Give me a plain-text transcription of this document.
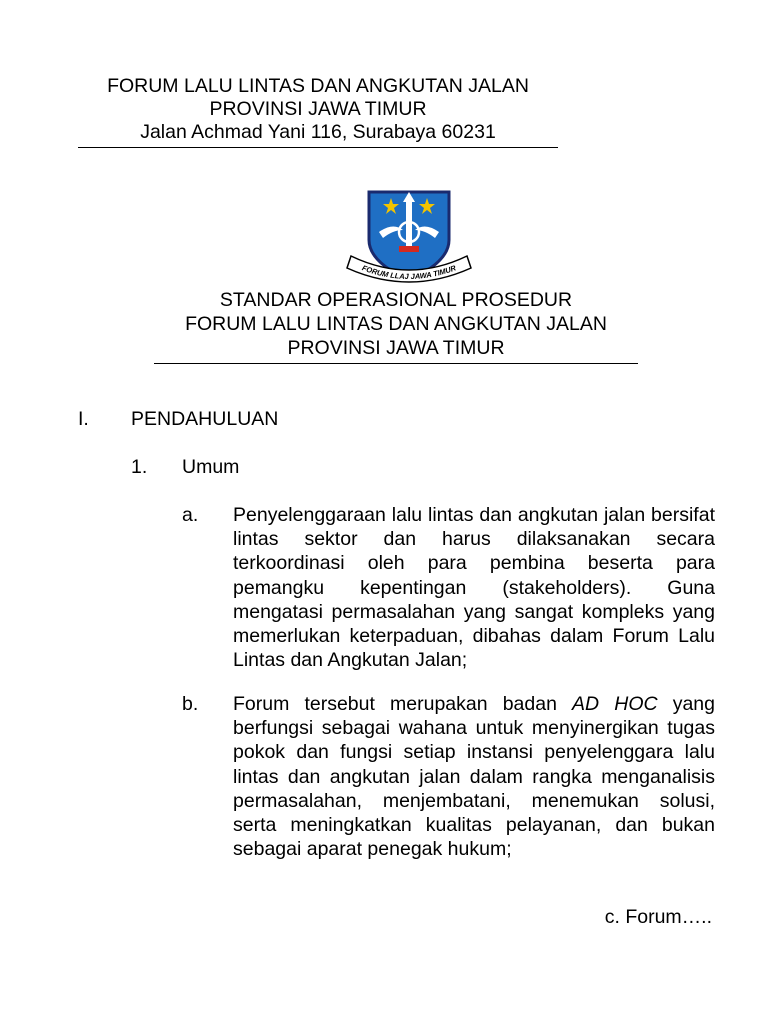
FORUM LALU LINTAS DAN ANGKUTAN JALAN
PROVINSI JAWA TIMUR
Jalan Achmad Yani 116, Surabaya 60231
FORUM LLAJ JAWA TIMUR
STANDAR OPERASIONAL PROSEDUR
FORUM LALU LINTAS DAN ANGKUTAN JALAN
PROVINSI JAWA TIMUR
I. PENDAHULUAN
1. Umum
a. Penyelenggaraan lalu lintas dan angkutan jalan bersifat lintas sektor dan harus dilaksanakan secara terkoordinasi oleh para pembina beserta para pemangku kepentingan (stakeholders). Guna mengatasi permasalahan yang sangat kompleks yang memerlukan keterpaduan, dibahas dalam Forum Lalu Lintas dan Angkutan Jalan;

b. Forum tersebut merupakan badan AD HOC yang berfungsi sebagai wahana untuk menyinergikan tugas pokok dan fungsi setiap instansi penyelenggara lalu lintas dan angkutan jalan dalam rangka menganalisis permasalahan, menjembatani, menemukan solusi, serta meningkatkan kualitas pelayanan, dan bukan sebagai aparat penegak hukum;

c. Forum…..
